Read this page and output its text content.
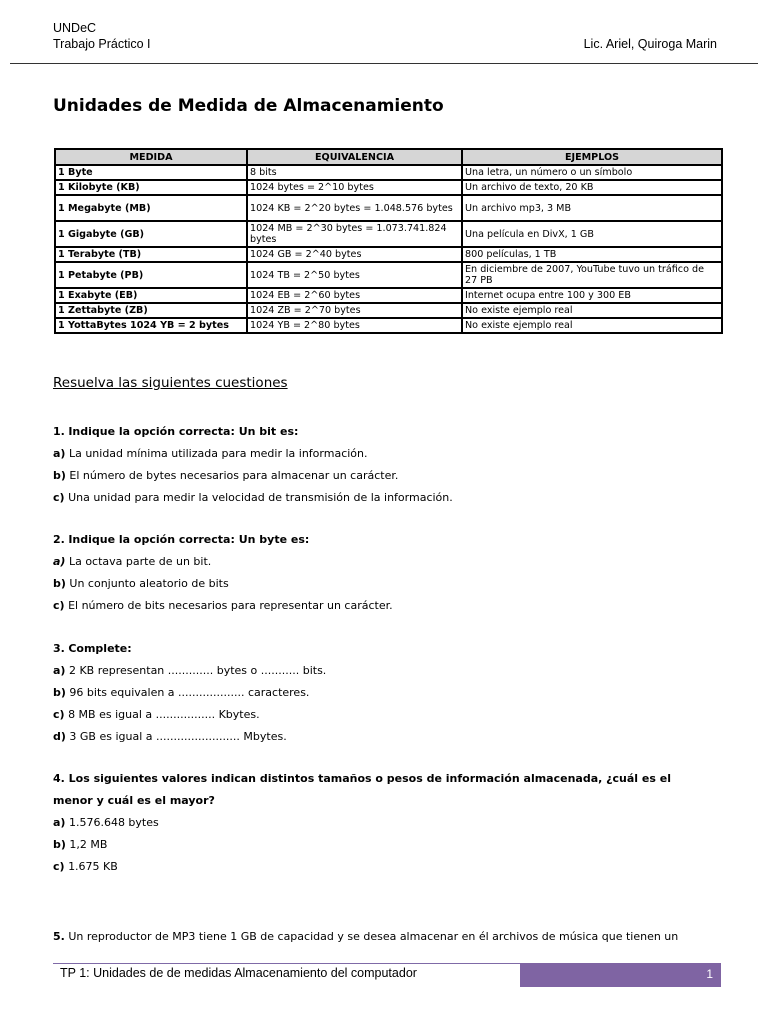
UNDeC
Trabajo Práctico I	Lic. Ariel, Quiroga Marin
Unidades de Medida de Almacenamiento
MEDIDA	EQUIVALENCIA	EJEMPLOS
1 Byte	8 bits	Una letra, un número o un símbolo
1 Kilobyte (KB)	1024 bytes = 2^10 bytes	Un archivo de texto, 20 KB
1 Megabyte (MB)	1024 KB = 2^20 bytes = 1.048.576 bytes	Un archivo mp3, 3 MB
1 Gigabyte (GB)	1024 MB = 2^30 bytes = 1.073.741.824 bytes	Una película en DivX, 1 GB
1 Terabyte (TB)	1024 GB = 2^40 bytes	800 películas, 1 TB
1 Petabyte (PB)	1024 TB = 2^50 bytes	En diciembre de 2007, YouTube tuvo un tráfico de 27 PB
1 Exabyte (EB)	1024 EB = 2^60 bytes	Internet ocupa entre 100 y 300 EB
1 Zettabyte (ZB)	1024 ZB = 2^70 bytes	No existe ejemplo real
1 YottaBytes 1024 YB = 2 bytes	1024 YB = 2^80 bytes	No existe ejemplo real
Resuelva las siguientes cuestiones
1. Indique la opción correcta: Un bit es:
a) La unidad mínima utilizada para medir la información.
b) El número de bytes necesarios para almacenar un carácter.
c) Una unidad para medir la velocidad de transmisión de la información.
2. Indique la opción correcta: Un byte es:
a) La octava parte de un bit.
b) Un conjunto aleatorio de bits
c) El número de bits necesarios para representar un carácter.
3. Complete:
a) 2 KB representan ............. bytes o ........... bits.
b) 96 bits equivalen a ................... caracteres.
c) 8 MB es igual a ................. Kbytes.
d) 3 GB es igual a ........................ Mbytes.
4. Los siguientes valores indican distintos tamaños o pesos de información almacenada, ¿cuál es el menor y cuál es el mayor?
a) 1.576.648 bytes
b) 1,2 MB
c) 1.675 KB
5. Un reproductor de MP3 tiene 1 GB de capacidad y se desea almacenar en él archivos de música que tienen un
TP 1: Unidades de de medidas Almacenamiento del computador	1
